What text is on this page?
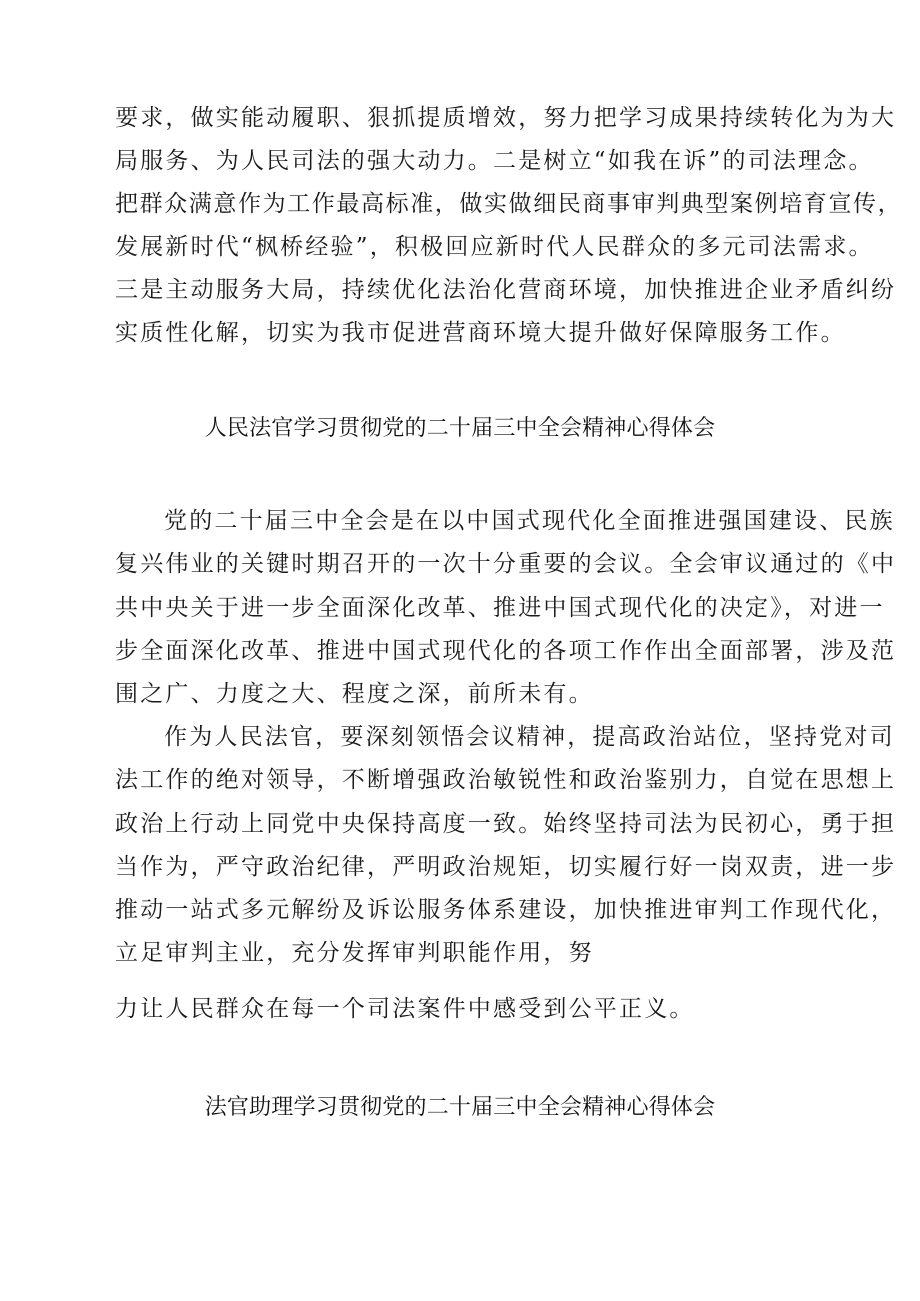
要求，做实能动履职、狠抓提质增效，努力把学习成果持续转化为为大
局服务、为人民司法的强大动力。二是树立“如我在诉”的司法理念。
把群众满意作为工作最高标准，做实做细民商事审判典型案例培育宣传，
发展新时代“枫桥经验”，积极回应新时代人民群众的多元司法需求。
三是主动服务大局，持续优化法治化营商环境，加快推进企业矛盾纠纷
实质性化解，切实为我市促进营商环境大提升做好保障服务工作。
人民法官学习贯彻党的二十届三中全会精神心得体会
党的二十届三中全会是在以中国式现代化全面推进强国建设、民族
复兴伟业的关键时期召开的一次十分重要的会议。全会审议通过的《中
共中央关于进一步全面深化改革、推进中国式现代化的决定》，对进一
步全面深化改革、推进中国式现代化的各项工作作出全面部署，涉及范
围之广、力度之大、程度之深，前所未有。
作为人民法官，要深刻领悟会议精神，提高政治站位，坚持党对司
法工作的绝对领导，不断增强政治敏锐性和政治鉴别力，自觉在思想上
政治上行动上同党中央保持高度一致。始终坚持司法为民初心，勇于担
当作为，严守政治纪律，严明政治规矩，切实履行好一岗双责，进一步
推动一站式多元解纷及诉讼服务体系建设，加快推进审判工作现代化，
立足审判主业，充分发挥审判职能作用，努
力让人民群众在每一个司法案件中感受到公平正义。
法官助理学习贯彻党的二十届三中全会精神心得体会
